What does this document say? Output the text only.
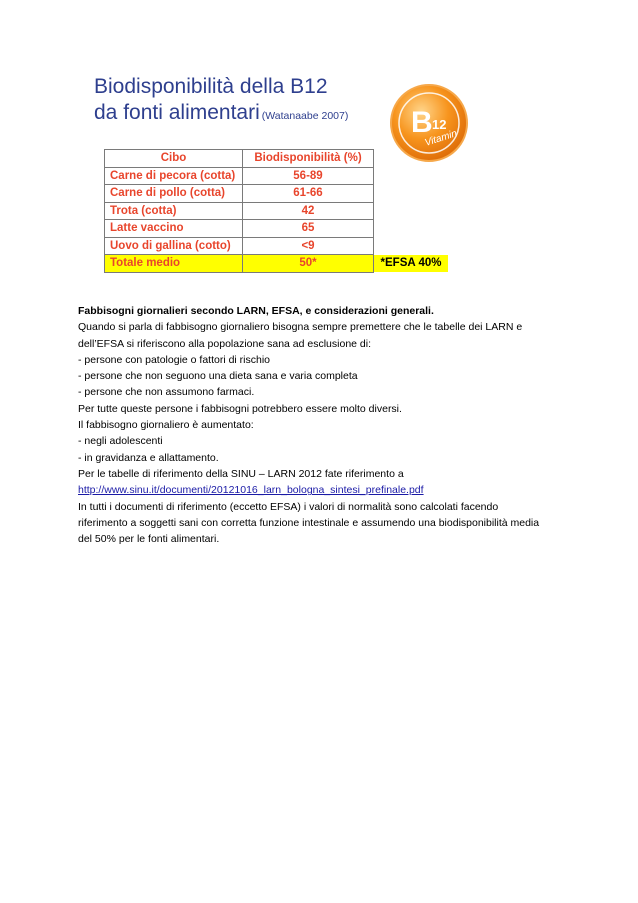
Biodisponibilità della B12
da fonti alimentari (Watanaabe 2007) B 12
Vitamin
Cibo	Biodisponibilità (%)	
Carne di pecora (cotta)	56-89	
Carne di pollo (cotta)	61-66	
Trota (cotta)	42	
Latte vaccino	65	
Uovo di gallina (cotto)	<9	
Totale medio	50*	*EFSA 40%

Fabbisogni giornalieri secondo LARN, EFSA, e considerazioni generali.

Quando si parla di fabbisogno giornaliero bisogna sempre premettere che le tabelle dei LARN e

dell’EFSA si riferiscono alla popolazione sana ad esclusione di:

- persone con patologie o fattori di rischio

- persone che non seguono una dieta sana e varia completa

- persone che non assumono farmaci.

Per tutte queste persone i fabbisogni potrebbero essere molto diversi.

Il fabbisogno giornaliero è aumentato:

- negli adolescenti

- in gravidanza e allattamento.

Per le tabelle di riferimento della SINU – LARN 2012 fate riferimento a

http://www.sinu.it/documenti/20121016_larn_bologna_sintesi_prefinale.pdf

In tutti i documenti di riferimento (eccetto EFSA) i valori di normalità sono calcolati facendo

riferimento a soggetti sani con corretta funzione intestinale e assumendo una biodisponibilità media

del 50% per le fonti alimentari.
